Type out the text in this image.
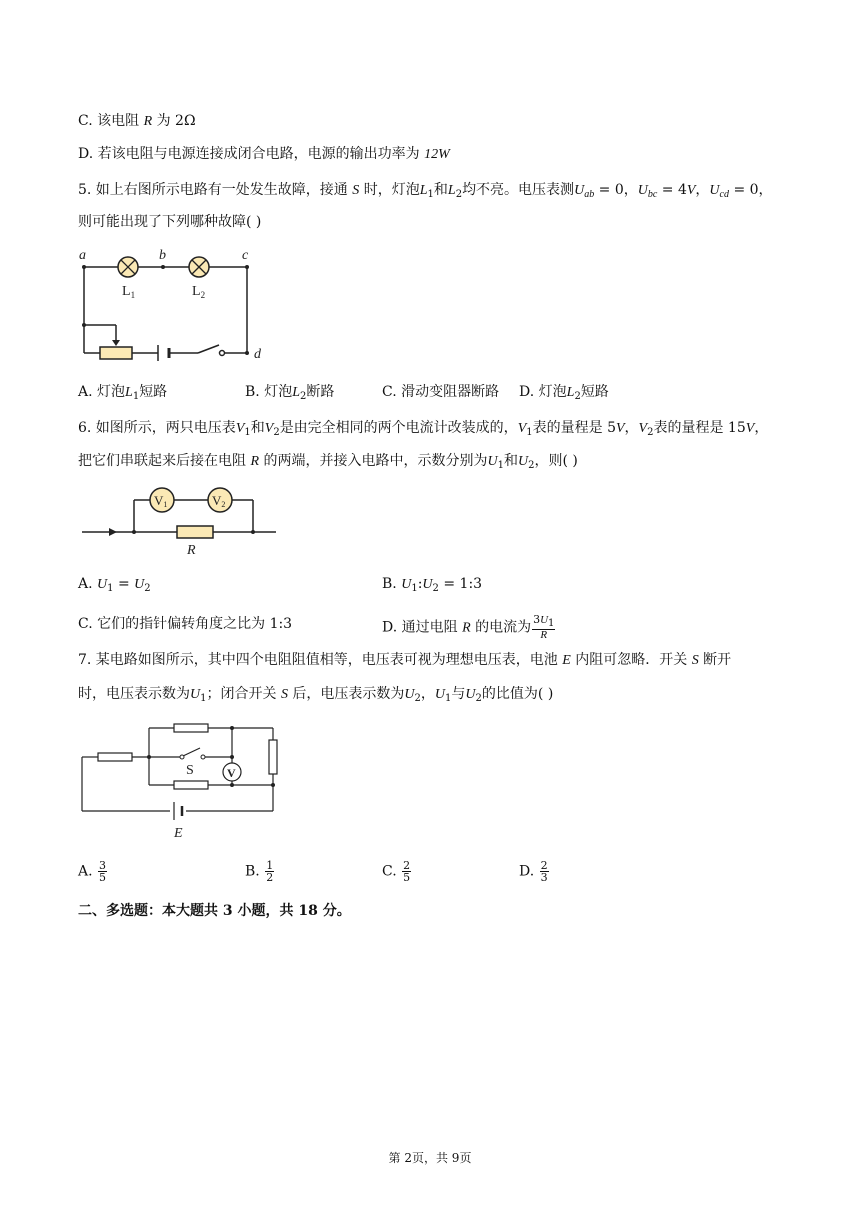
C. 该电阻 R 为 2Ω
D. 若该电阻与电源连接成闭合电路，电源的输出功率为 12W
5. 如上右图所示电路有一处发生故障，接通 S 时，灯泡$L_1$和$L_2$均不亮。电压表测$U_{ab} = 0$，$U_{bc} = 4V$，$U_{cd} = 0$，
则可能出现了下列哪种故障( )
a	b	c
d
$L_1$	$L_2$
A. 灯泡$L_1$短路	B. 灯泡$L_2$断路	C. 滑动变阻器断路 D. 灯泡$L_2$短路
6. 如图所示，两只电压表$V_1$和$V_2$是由完全相同的两个电流计改装成的，$V_1$表的量程是 5V，$V_2$表的量程是 15V，
把它们串联起来后接在电阻 R 的两端，并接入电路中，示数分别为$U_1$和$U_2$，则( )
V1	V2
R
A. $U_1 = U_2$	B. $U_1:U_2$ = 1:3
C. 它们的指针偏转角度之比为 1:3	D. 通过电阻 R 的电流为 $\frac{3U_1}{R}$
7. 某电路如图所示，其中四个电阻阻值相等，电压表可视为理想电压表，电池 E 内阻可忽略．开关 S 断开
时，电压表示数为$U_1$；闭合开关 S 后，电压表示数为$U_2$，$U_1$与$U_2$的比值为( )
V
S
E
A. $\frac{3}{5}$	B. $\frac{1}{2}$	C. $\frac{2}{5}$	D. $\frac{2}{3}$
二、多选题：本大题共 3 小题，共 18 分。
第 2页，共 9页
